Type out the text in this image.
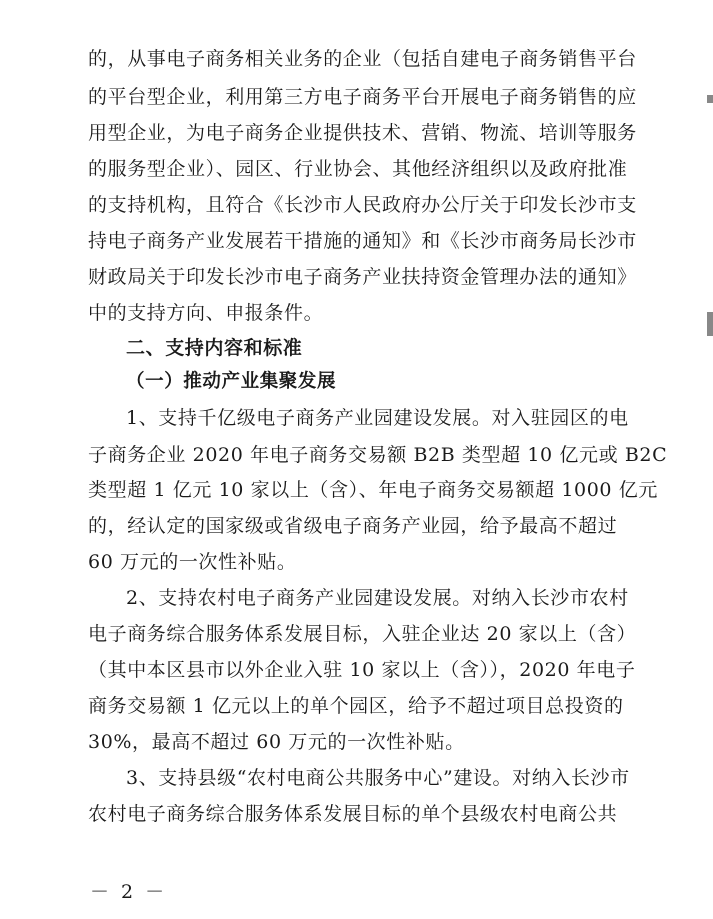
的，从事电子商务相关业务的企业（包括自建电子商务销售平台
的平台型企业，利用第三方电子商务平台开展电子商务销售的应
用型企业，为电子商务企业提供技术、营销、物流、培训等服务
的服务型企业）、园区、行业协会、其他经济组织以及政府批准
的支持机构，且符合《长沙市人民政府办公厅关于印发长沙市支
持电子商务产业发展若干措施的通知》和《长沙市商务局长沙市
财政局关于印发长沙市电子商务产业扶持资金管理办法的通知》
中的支持方向、申报条件。
二、支持内容和标准
（一）推动产业集聚发展
1、支持千亿级电子商务产业园建设发展。对入驻园区的电
子商务企业 2020 年电子商务交易额 B2B 类型超 10 亿元或 B2C
类型超 1 亿元 10 家以上（含）、年电子商务交易额超 1000 亿元
的，经认定的国家级或省级电子商务产业园，给予最高不超过
60 万元的一次性补贴。
2、支持农村电子商务产业园建设发展。对纳入长沙市农村
电子商务综合服务体系发展目标，入驻企业达 20 家以上（含）
（其中本区县市以外企业入驻 10 家以上（含）），2020 年电子
商务交易额 1 亿元以上的单个园区，给予不超过项目总投资的
30%，最高不超过 60 万元的一次性补贴。
3、支持县级“农村电商公共服务中心”建设。对纳入长沙市
农村电子商务综合服务体系发展目标的单个县级农村电商公共
－ 2 －
